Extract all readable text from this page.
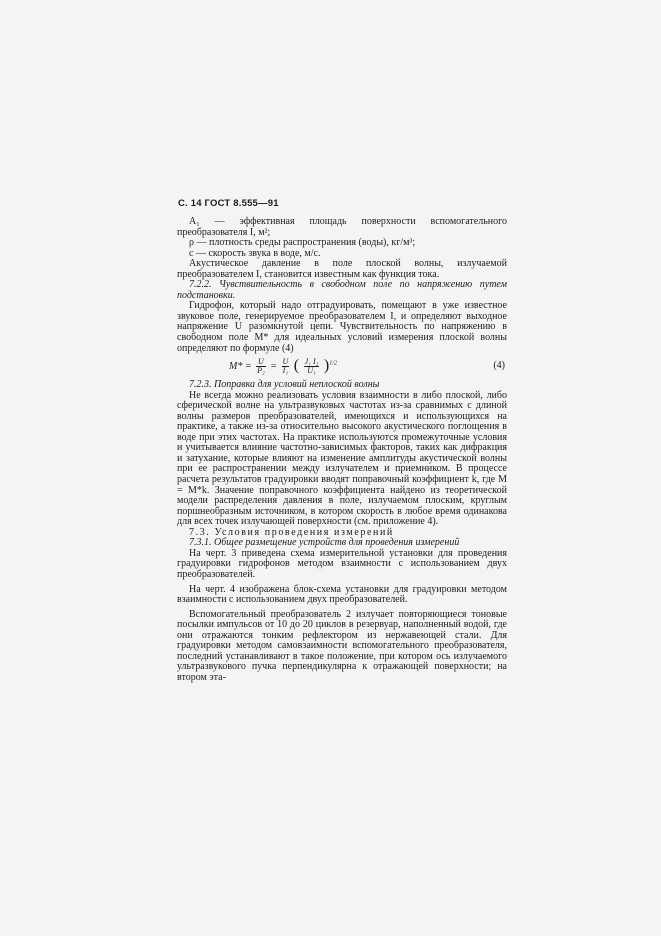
С. 14 ГОСТ 8.555—91

A₁ — эффективная площадь поверхности вспомогательного преобразователя I, м²;

ρ — плотность среды распространения (воды), кг/м³;

c — скорость звука в воде, м/с.

Акустическое давление в поле плоской волны, излучаемой преобразователем I, становится известным как функция тока.

7.2.2. Чувствительность в свободном поле по напряжению путем подстановки.

Гидрофон, который надо отградуировать, помещают в уже известное звуковое поле, генерируемое преобразователем I, и определяют выходное напряжение U разомкнутой цепи. Чувствительность по напряжению в свободном поле M* для идеальных условий измерения плоской волны определяют по формуле (4)

$M* = \frac{U}{\text{P₂}} = \frac{U}{\text{I₁}}$ ( $\frac{\text{J₁ I₂}}{\text{U₁}} )^{1/2}$	(4)

7.2.3. Поправка для условий неплоской волны

Не всегда можно реализовать условия взаимности в либо плоской, либо сферической волне на ультразвуковых частотах из-за сравнимых с длиной волны размеров преобразователей, имеющихся и использующихся на практике, а также из-за относительно высокого акустического поглощения в воде при этих частотах. На практике используются промежуточные условия и учитывается влияние частотно-зависимых факторов, таких как дифракция и затухание, которые влияют на изменение амплитуды акустической волны при ее распространении между излучателем и приемником. В процессе расчета результатов градуировки вводят поправочный коэффициент k, где M = M*k. Значение поправочного коэффициента найдено из теоретической модели распределения давления в поле, излучаемом плоским, круглым поршнеобразным источником, в котором скорость в любое время одинакова для всех точек излучающей поверхности (см. приложение 4).

7.3. Условия проведения измерений

7.3.1. Общее размещение устройств для проведения измерений

На черт. 3 приведена схема измерительной установки для проведения градуировки гидрофонов методом взаимности с использованием двух преобразователей.

На черт. 4 изображена блок-схема установки для градуировки методом взаимности с использованием двух преобразователей.

Вспомогательный преобразователь 2 излучает повторяющиеся тоновые посылки импульсов от 10 до 20 циклов в резервуар, наполненный водой, где они отражаются тонким рефлектором из нержавеющей стали. Для градуировки методом самовзаимности вспомогательного преобразователя, последний устанавливают в такое положение, при котором ось излучаемого ультразвукового пучка перпендикулярна к отражающей поверхности; на втором эта-
